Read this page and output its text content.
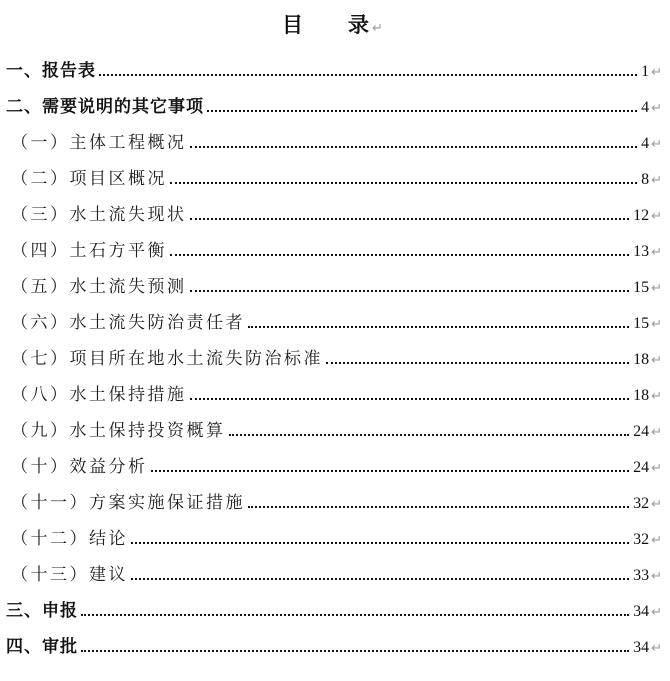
目　　录 ↵
一、报告表	1 ↵
二、需要说明的其它事项	4 ↵
（一）主体工程概况	4 ↵
（二）项目区概况	8 ↵
（三）水土流失现状	12 ↵
（四）土石方平衡	13 ↵
（五）水土流失预测	15 ↵
（六）水土流失防治责任者	15 ↵
（七）项目所在地水土流失防治标准	18 ↵
（八）水土保持措施	18 ↵
（九）水土保持投资概算	24 ↵
（十）效益分析	24 ↵
（十一）方案实施保证措施	32 ↵
（十二）结论	32 ↵
（十三）建议	33 ↵
三、申报	34 ↵
四、审批	34 ↵
